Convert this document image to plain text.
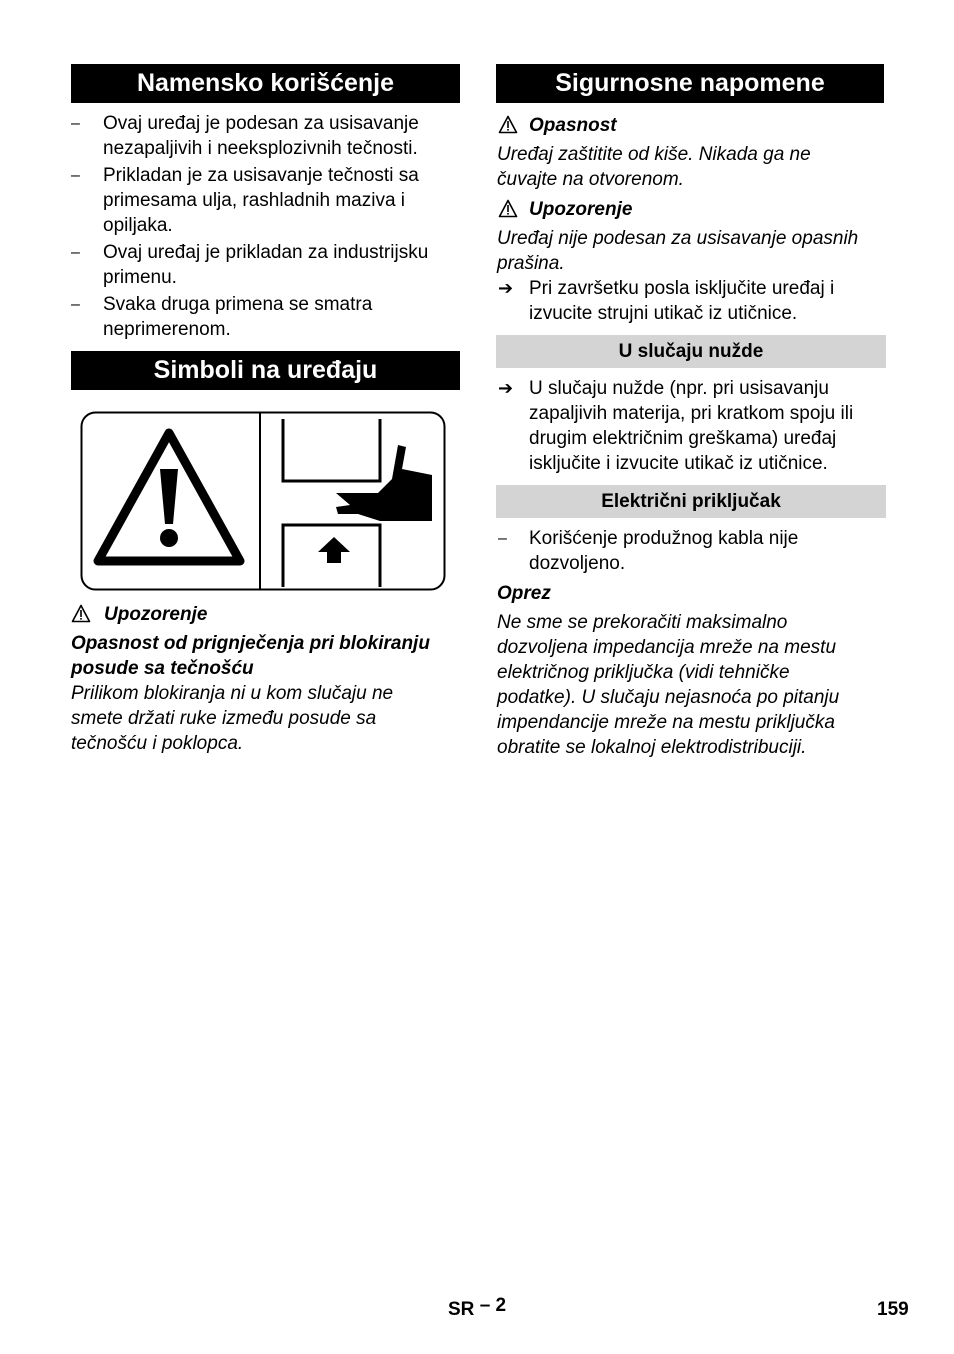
Namensko korišćenje
– Ovaj uređaj je podesan za usisavanje
nezapaljivih i neeksplozivnih tečnosti.
– Prikladan je za usisavanje tečnosti sa
primesama ulja, rashladnih maziva i
opiljaka.
– Ovaj uređaj je prikladan za industrijsku
primenu.
– Svaka druga primena se smatra
neprimerenom.
Simboli na uređaju
Upozorenje
Opasnost od prignječenja pri blokiranju
posude sa tečnošću
Prilikom blokiranja ni u kom slučaju ne
smete držati ruke između posude sa
tečnošću i poklopca.
Sigurnosne napomene
Opasnost
Uređaj zaštitite od kiše. Nikada ga ne
čuvajte na otvorenom.
Upozorenje
Uređaj nije podesan za usisavanje opasnih
prašina.
➔ Pri završetku posla isključite uređaj i
izvucite strujni utikač iz utičnice.
U slučaju nužde
➔ U slučaju nužde (npr. pri usisavanju
zapaljivih materija, pri kratkom spoju ili
drugim električnim greškama) uređaj
isključite i izvucite utikač iz utičnice.
Električni priključak
– Korišćenje produžnog kabla nije
dozvoljeno.
Oprez
Ne sme se prekoračiti maksimalno
dozvoljena impedancija mreže na mestu
električnog priključka (vidi tehničke
podatke). U slučaju nejasnoća po pitanju
impendancije mreže na mestu priključka
obratite se lokalnoj elektrodistribuciji.
SR – 2	159
